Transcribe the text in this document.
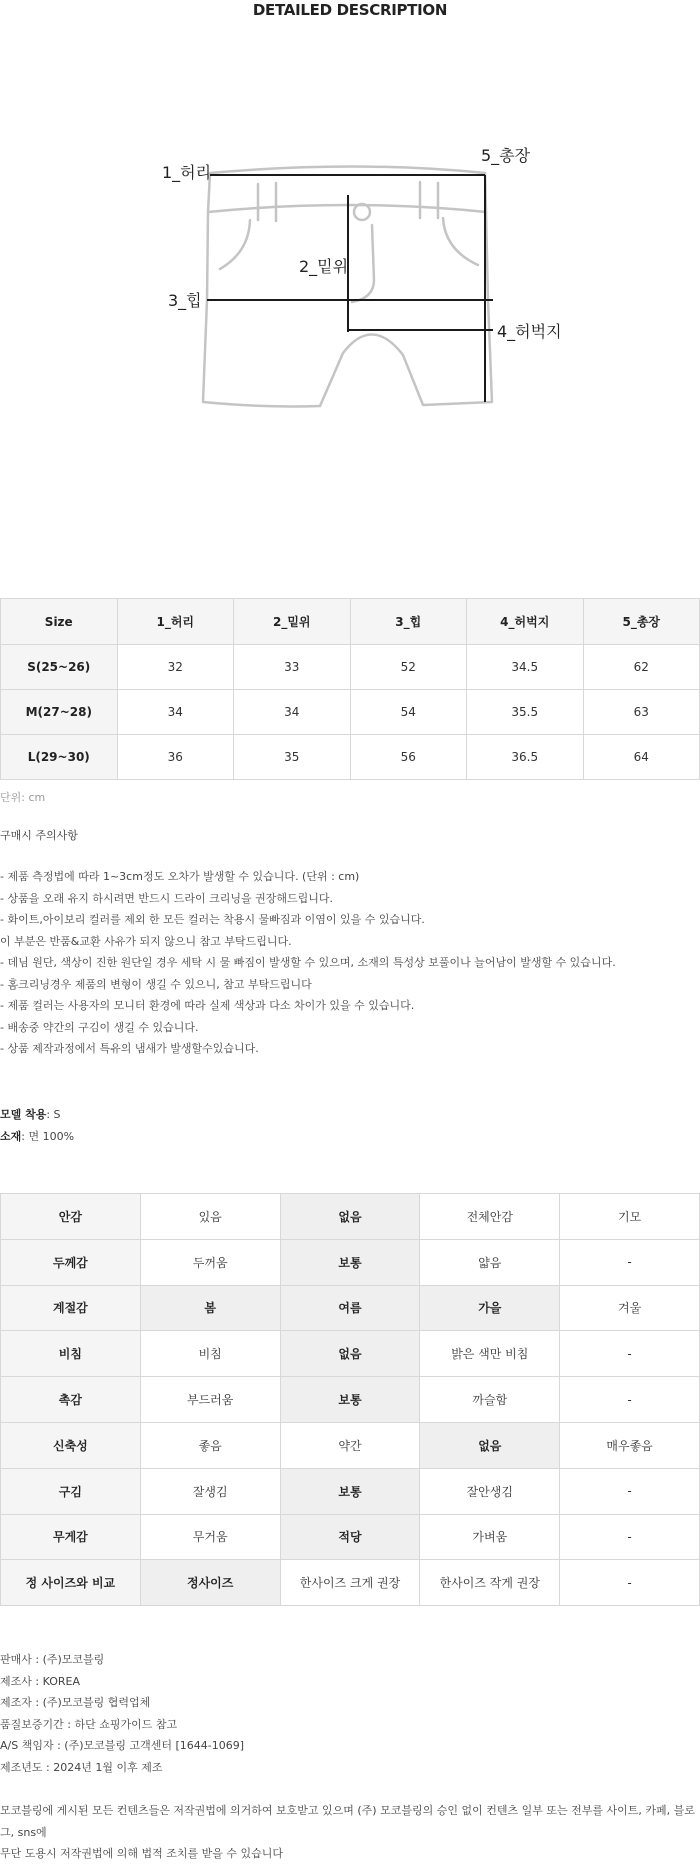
DETAILED DESCRIPTION
1_허리
2_밑위
3_힙
4_허벅지
5_총장
Size	1_허리	2_밑위	3_힙	4_허벅지	5_총장
S(25~26)	32	33	52	34.5	62
M(27~28)	34	34	54	35.5	63
L(29~30)	36	35	56	36.5	64
단위: cm
구매시 주의사항
- 제품 측정법에 따라 1~3cm정도 오차가 발생할 수 있습니다. (단위 : cm)
- 상품을 오래 유지 하시려면 반드시 드라이 크리닝을 권장해드립니다.
- 화이트,아이보리 컬러를 제외 한 모든 컬러는 착용시 물빠짐과 이염이 있을 수 있습니다.
이 부분은 반품&교환 사유가 되지 않으니 참고 부탁드립니다.
- 데님 원단, 색상이 진한 원단일 경우 세탁 시 물 빠짐이 발생할 수 있으며, 소재의 특성상 보풀이나 늘어남이 발생할 수 있습니다.
- 홈크리닝경우 제품의 변형이 생길 수 있으니, 참고 부탁드립니다
- 제품 컬러는 사용자의 모니터 환경에 따라 실제 색상과 다소 차이가 있을 수 있습니다.
- 배송중 약간의 구김이 생길 수 있습니다.
- 상품 제작과정에서 특유의 냄새가 발생할수있습니다.
모델 착용: S
소재: 면 100%
안감	있음	없음	전체안감	기모
두께감	두꺼움	보통	얇음	-
계절감	봄	여름	가을	겨울
비침	비침	없음	밝은 색만 비침	-
촉감	부드러움	보통	까슬함	-
신축성	좋음	약간	없음	매우좋음
구김	잘생김	보통	잘안생김	-
무게감	무거움	적당	가벼움	-
정 사이즈와 비교	정사이즈	한사이즈 크게 권장	한사이즈 작게 권장	-
판매사 : (주)모코블링
제조사 : KOREA
제조자 : (주)모코블링 협력업체
품질보증기간 : 하단 쇼핑가이드 참고
A/S 책임자 : (주)모코블링 고객센터 [1644-1069]
제조년도 : 2024년 1월 이후 제조
모코블링에 게시된 모든 컨텐츠들은 저작권법에 의거하여 보호받고 있으며 (주) 모코블링의 승인 없이 컨텐츠 일부 또는 전부를 사이트, 카페, 블로그, sns에
무단 도용시 저작권법에 의해 법적 조치를 받을 수 있습니다
